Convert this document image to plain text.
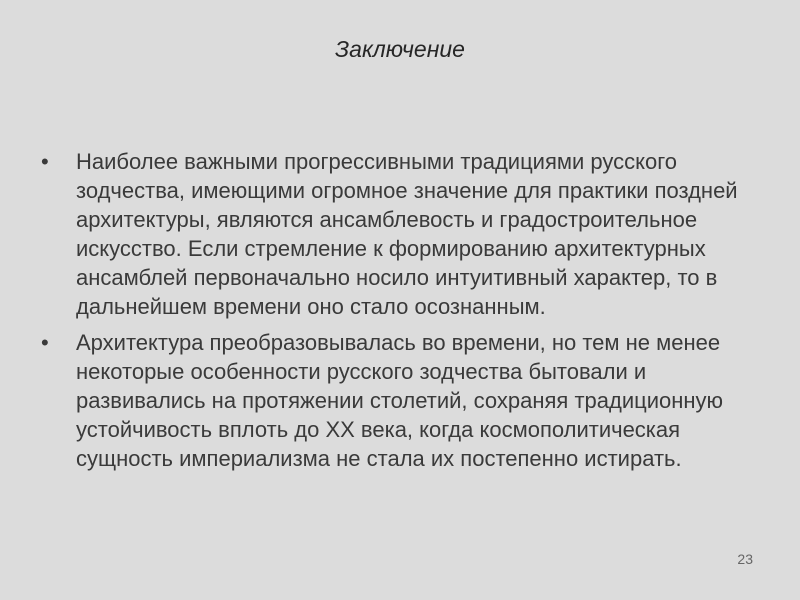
Заключение
• Наиболее важными прогрессивными традициями русского зодчества, имеющими огромное значение для практики поздней архитектуры, являются ансамблевость и градостроительное искусство. Если стремление к формированию архитектурных ансамблей первоначально носило интуитивный характер, то в дальнейшем времени оно стало осознанным.
• Архитектура преобразовывалась во времени, но тем не менее некоторые особенности русского зодчества бытовали и развивались на протяжении столетий, сохраняя традиционную устойчивость вплоть до XX века, когда космополитическая сущность империализма не стала их постепенно истирать.
23
